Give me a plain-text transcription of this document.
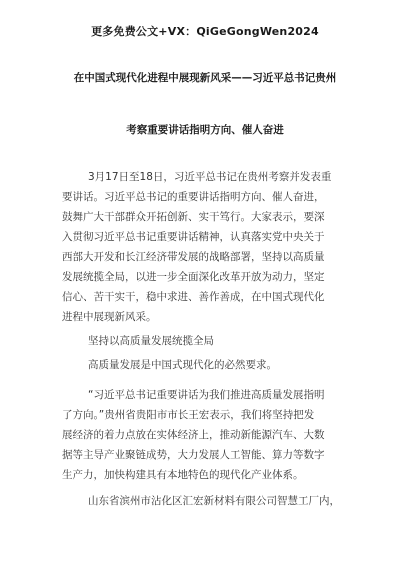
更多免费公文+VX：QiGeGongWen2024
在中国式现代化进程中展现新风采——习近平总书记贵州
考察重要讲话指明方向、催人奋进
3月17日至18日，习近平总书记在贵州考察并发表重
要讲话。习近平总书记的重要讲话指明方向、催人奋进，
鼓舞广大干部群众开拓创新、实干笃行。大家表示，要深
入贯彻习近平总书记重要讲话精神，认真落实党中央关于
西部大开发和长江经济带发展的战略部署，坚持以高质量
发展统揽全局，以进一步全面深化改革开放为动力，坚定
信心、苦干实干，稳中求进、善作善成，在中国式现代化
进程中展现新风采。
坚持以高质量发展统揽全局
高质量发展是中国式现代化的必然要求。
“习近平总书记重要讲话为我们推进高质量发展指明
了方向。”贵州省贵阳市市长王宏表示，我们将坚持把发
展经济的着力点放在实体经济上，推动新能源汽车、大数
据等主导产业聚链成势，大力发展人工智能、算力等数字
生产力，加快构建具有本地特色的现代化产业体系。
山东省滨州市沾化区汇宏新材料有限公司智慧工厂内，
